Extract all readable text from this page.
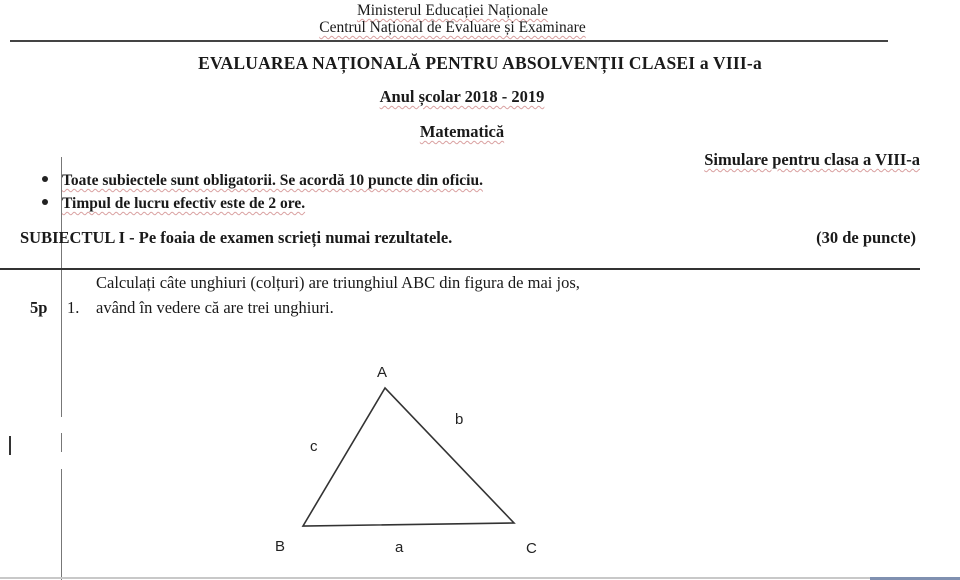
Ministerul Educației Naționale
Centrul Național de Evaluare și Examinare
EVALUAREA NAȚIONALĂ PENTRU ABSOLVENȚII CLASEI a VIII-a
Anul școlar 2018 - 2019
Matematică
Simulare pentru clasa a VIII-a
Toate subiectele sunt obligatorii. Se acordă 10 puncte din oficiu.
Timpul de lucru efectiv este de 2 ore.
SUBIECTUL I - Pe foaia de examen scrieți numai rezultatele.	(30 de puncte)
Calculați câte unghiuri (colțuri) are triunghiul ABC din figura de mai jos,
5p 1. având în vedere că are trei unghiuri.
A
B	C
a
b
c
